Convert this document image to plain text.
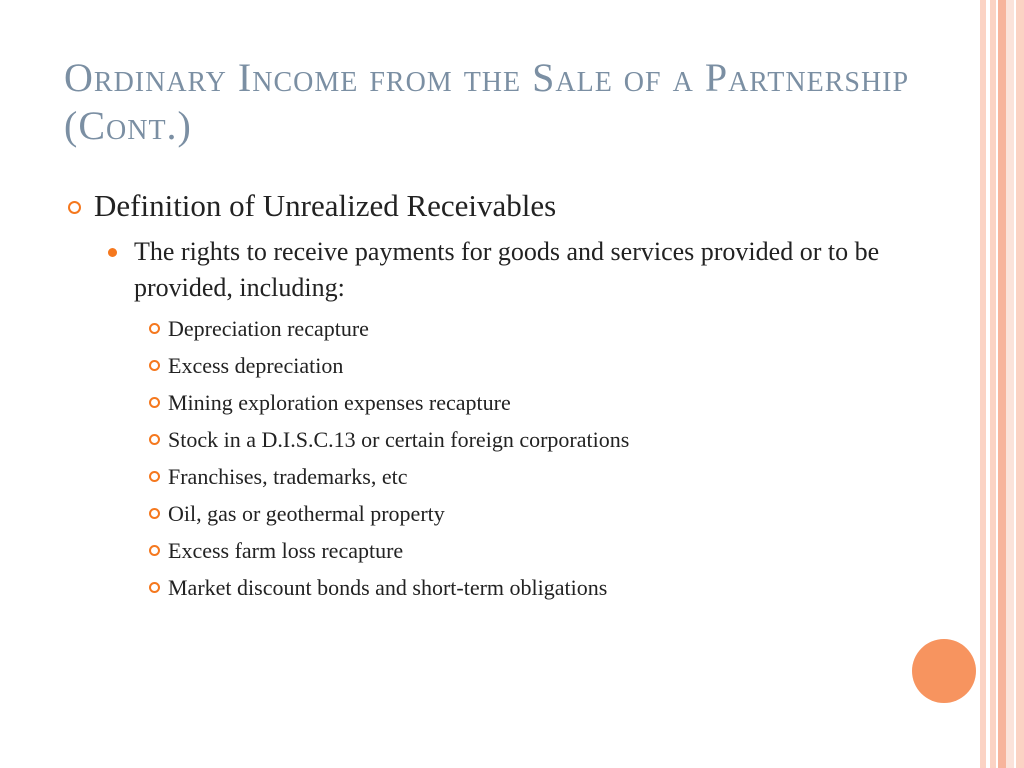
Ordinary Income from the Sale of a Partnership (Cont.)
Definition of Unrealized Receivables
The rights to receive payments for goods and services provided or to be provided, including:
Depreciation recapture
Excess depreciation
Mining exploration expenses recapture
Stock in a D.I.S.C.13 or certain foreign corporations
Franchises, trademarks, etc
Oil, gas or geothermal property
Excess farm loss recapture
Market discount bonds and short-term obligations
